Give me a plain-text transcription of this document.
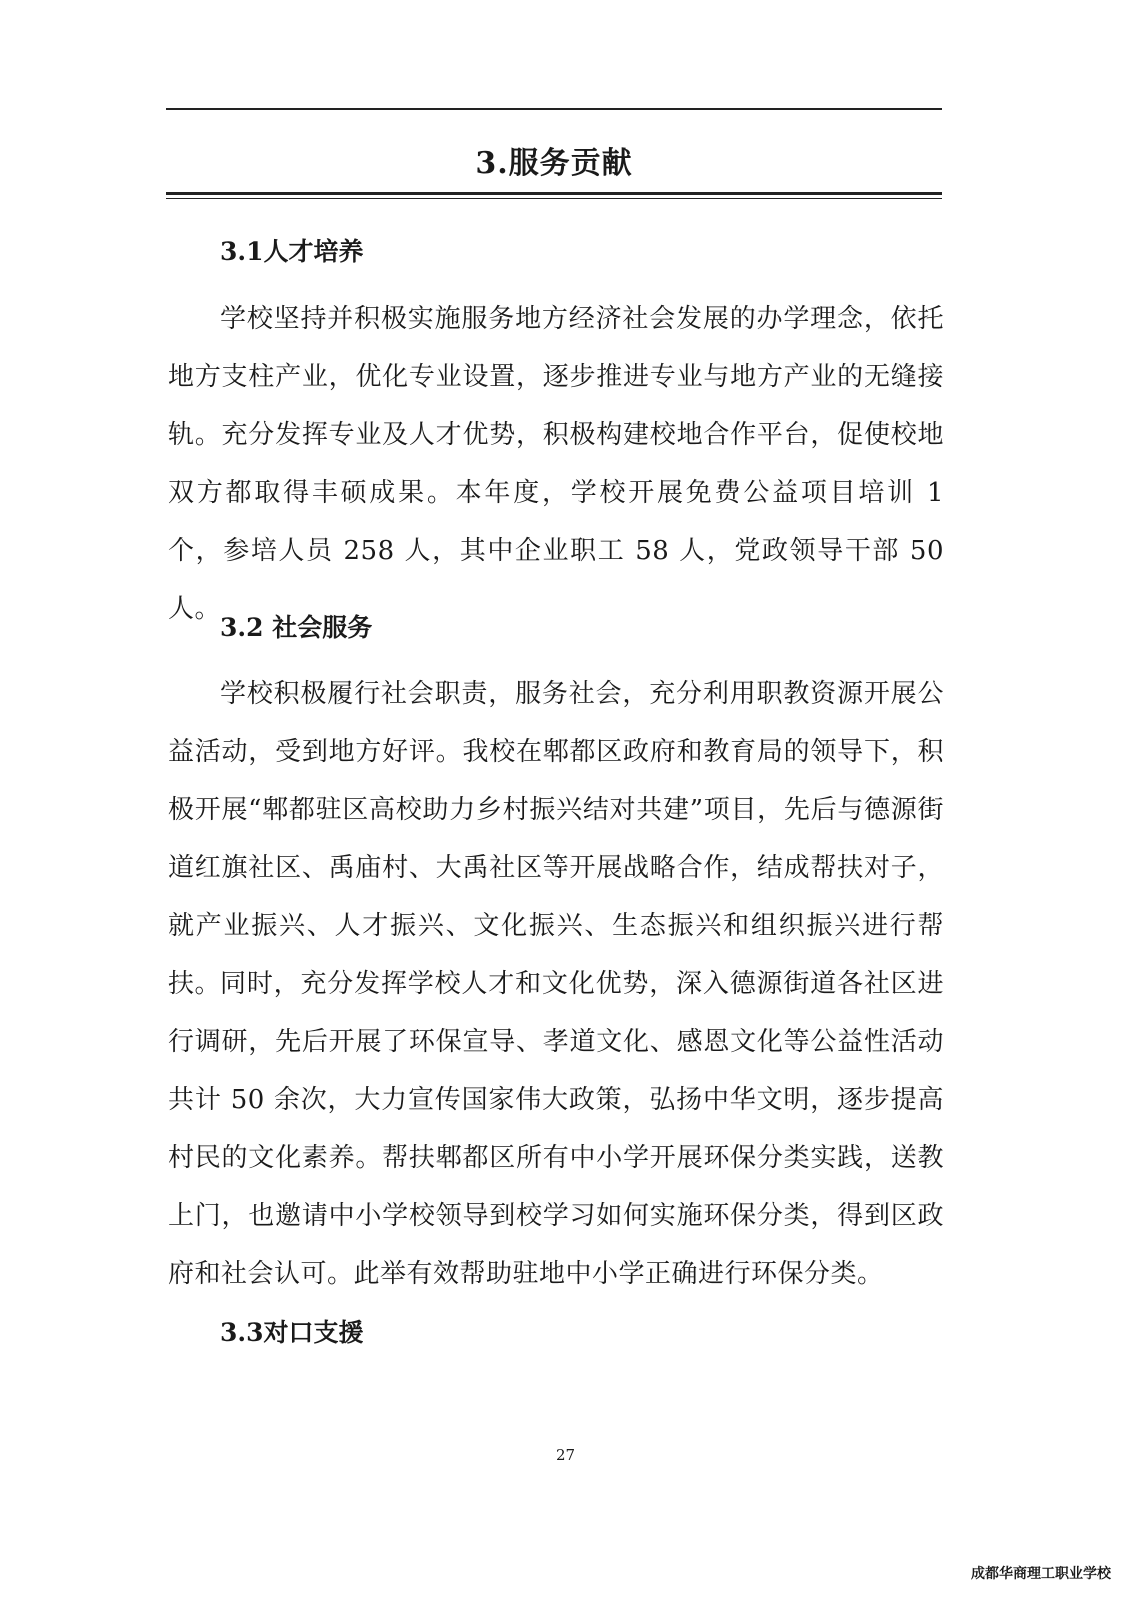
3.服务贡献
3.1人才培养

学校坚持并积极实施服务地方经济社会发展的办学理念，依托地方支柱产业，优化专业设置，逐步推进专业与地方产业的无缝接轨。充分发挥专业及人才优势，积极构建校地合作平台，促使校地双方都取得丰硕成果。本年度，学校开展免费公益项目培训 1 个，参培人员 258 人，其中企业职工 58 人，党政领导干部 50 人。

3.2 社会服务

学校积极履行社会职责，服务社会，充分利用职教资源开展公益活动，受到地方好评。我校在郫都区政府和教育局的领导下，积极开展“郫都驻区高校助力乡村振兴结对共建”项目，先后与德源街道红旗社区、禹庙村、大禹社区等开展战略合作，结成帮扶对子，就产业振兴、人才振兴、文化振兴、生态振兴和组织振兴进行帮扶。

同时，充分发挥学校人才和文化优势，深入德源街道各社区进行调研，先后开展了环保宣导、孝道文化、感恩文化等公益性活动共计 50 余次，大力宣传国家伟大政策，弘扬中华文明，逐步提高村民的文化素养。帮扶郫都区所有中小学开展环保分类实践，送教上门，也邀请中小学校领导到校学习如何实施环保分类，得到区政府和社会认可。此举有效帮助驻地中小学正确进行环保分类。

3.3对口支援

27

成都华商理工职业学校
